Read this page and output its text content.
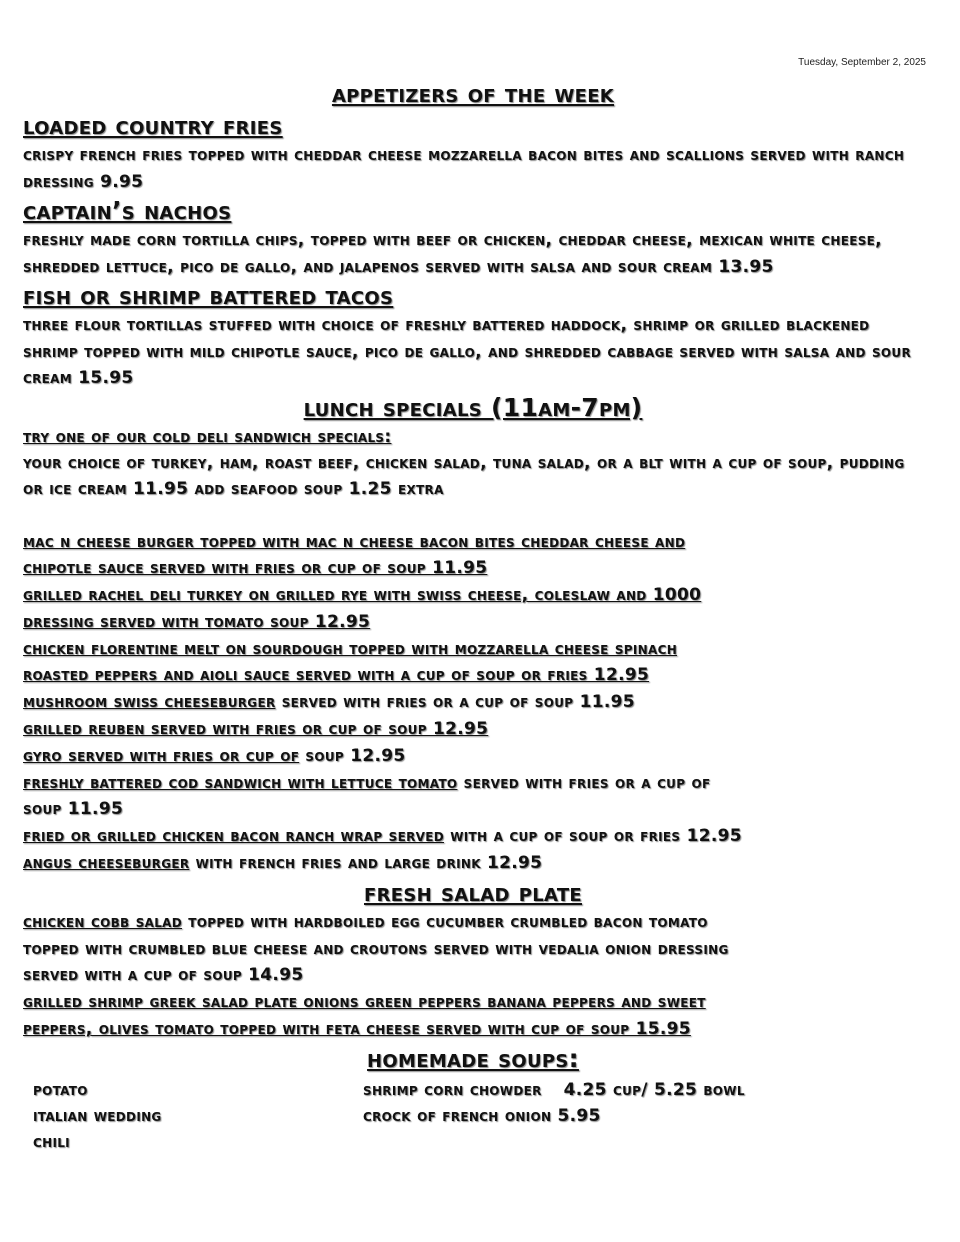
Tuesday, September 2, 2025
appetizers of the week
loaded country fries
crispy french fries topped with cheddar cheese mozzarella bacon bites and scallions served with ranch dressing 9.95
captain’s nachos
freshly made corn tortilla chips, topped with beef or chicken, cheddar cheese, mexican white cheese, shredded lettuce, pico de gallo, and jalapenos served with salsa and sour cream 13.95
fish or shrimp battered tacos
three flour tortillas stuffed with choice of freshly battered haddock, shrimp or grilled blackened shrimp topped with mild chipotle sauce, pico de gallo, and shredded cabbage served with salsa and sour cream 15.95
lunch specials (11am-7pm)
try one of our cold deli sandwich specials:
your choice of turkey, ham, roast beef, chicken salad, tuna salad, or a blt with a cup of soup, pudding or ice cream 11.95 add seafood soup 1.25 extra
mac n cheese burger topped with mac n cheese bacon bites cheddar cheese and
chipotle sauce served with fries or cup of soup 11.95
grilled rachel deli turkey on grilled rye with swiss cheese, coleslaw and 1000
dressing served with tomato soup 12.95
chicken florentine melt on sourdough topped with mozzarella cheese spinach
roasted peppers and aioli sauce served with a cup of soup or fries 12.95
mushroom swiss cheeseburger served with fries or a cup of soup 11.95
grilled reuben served with fries or cup of soup 12.95
gyro served with fries or cup of soup 12.95
freshly battered cod sandwich with lettuce tomato served with fries or a cup of
soup 11.95
fried or grilled chicken bacon ranch wrap served with a cup of soup or fries 12.95
angus cheeseburger with french fries and large drink 12.95
fresh salad plate
chicken cobb salad topped with hardboiled egg cucumber crumbled bacon tomato
topped with crumbled blue cheese and croutons served with vedalia onion dressing
served with a cup of soup 14.95
grilled shrimp greek salad plate onions green peppers banana peppers and sweet
peppers, olives tomato topped with feta cheese served with cup of soup 15.95
homemade soups:
potato
italian wedding
chili
shrimp corn chowder 4.25 cup/ 5.25 bowl
crock of french onion 5.95
